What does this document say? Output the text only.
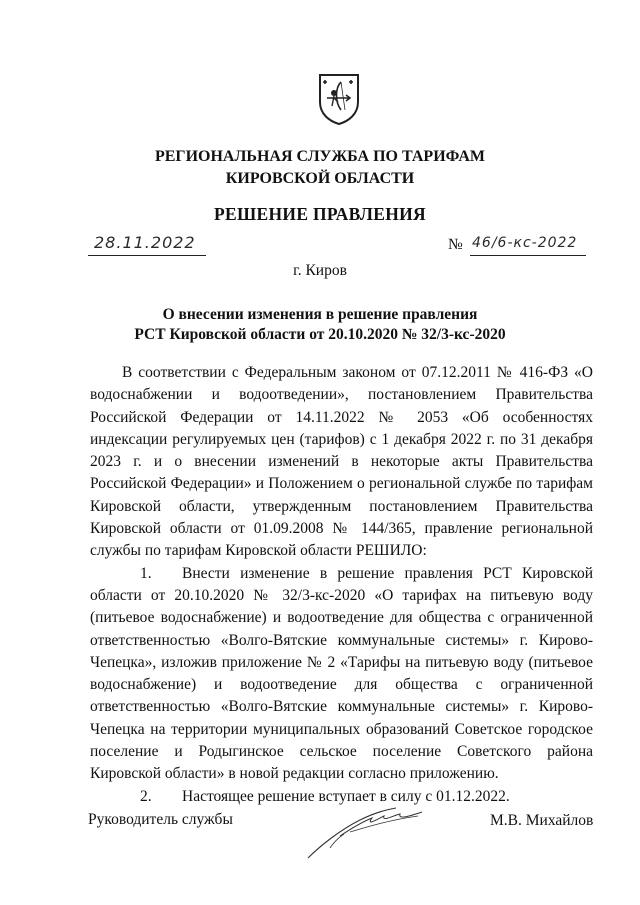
РЕГИОНАЛЬНАЯ СЛУЖБА ПО ТАРИФАМ
КИРОВСКОЙ ОБЛАСТИ
РЕШЕНИЕ ПРАВЛЕНИЯ
28.11.2022	№ 46/6-кс-2022
г. Киров
О внесении изменения в решение правления
РСТ Кировской области от 20.10.2020 № 32/3-кс-2020

В соответствии с Федеральным законом от 07.12.2011 № 416-ФЗ «О водоснабжении и водоотведении», постановлением Правительства Российской Федерации от 14.11.2022 № 2053 «Об особенностях индексации регулируемых цен (тарифов) с 1 декабря 2022 г. по 31 декабря 2023 г. и о внесении изменений в некоторые акты Правительства Российской Федерации» и Положением о региональной службе по тарифам Кировской области, утвержденным постановлением Правительства Кировской области от 01.09.2008 № 144/365, правление региональной службы по тарифам Кировской области РЕШИЛО:

1. Внести изменение в решение правления РСТ Кировской области от 20.10.2020 № 32/3-кс-2020 «О тарифах на питьевую воду (питьевое водоснабжение) и водоотведение для общества с ограниченной ответственностью «Волго-Вятские коммунальные системы» г. Кирово-Чепецка», изложив приложение № 2 «Тарифы на питьевую воду (питьевое водоснабжение) и водоотведение для общества с ограниченной ответственностью «Волго-Вятские коммунальные системы» г. Кирово-Чепецка на территории муниципальных образований Советское городское поселение и Родыгинское сельское поселение Советского района Кировской области» в новой редакции согласно приложению.

2. Настоящее решение вступает в силу с 01.12.2022.

Руководитель службы	М.В. Михайлов
